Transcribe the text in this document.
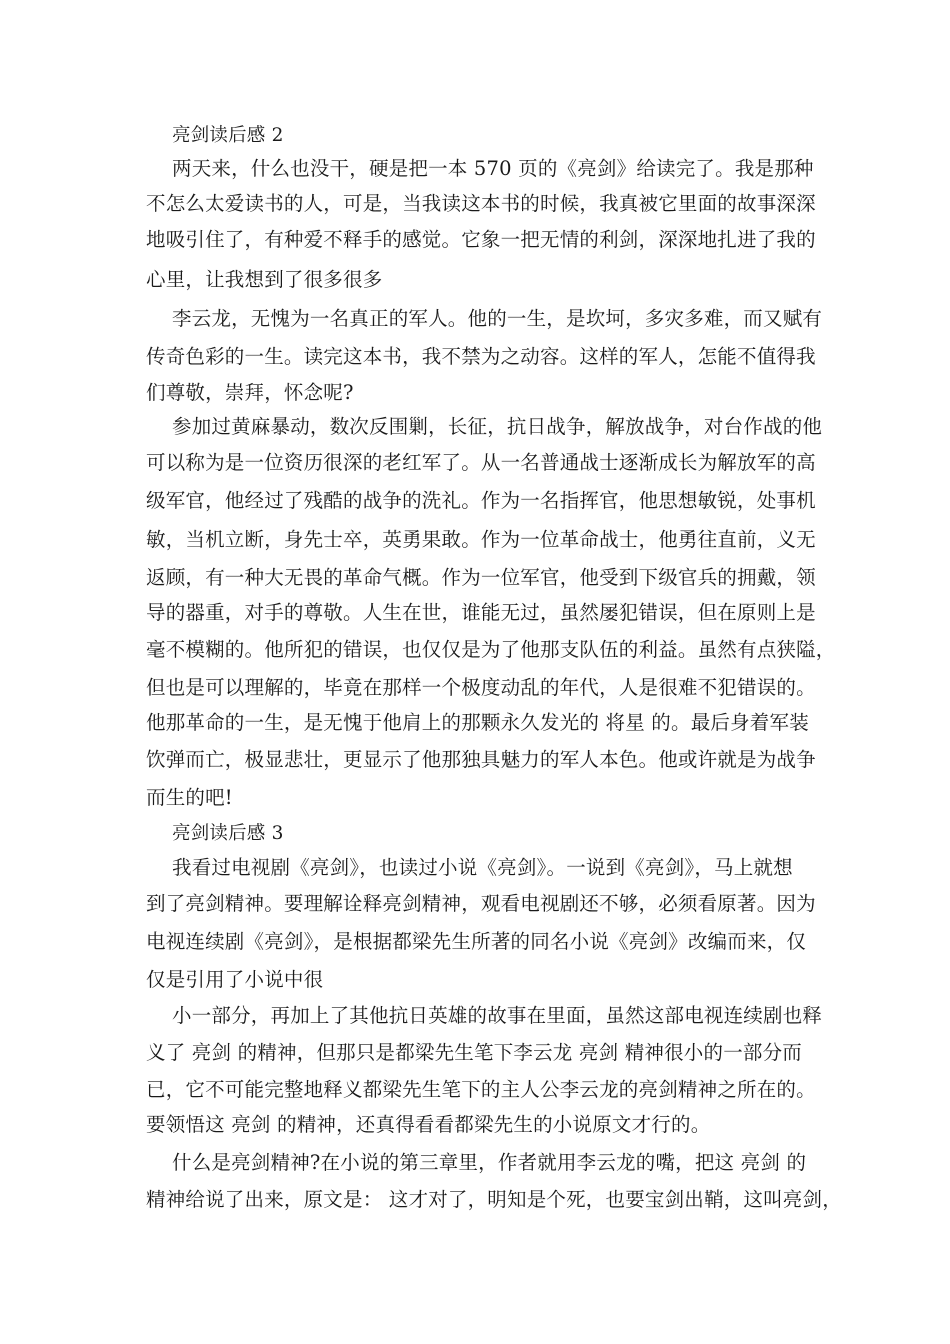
亮剑读后感 2
两天来，什么也没干，硬是把一本 570 页的《亮剑》给读完了。我是那种
不怎么太爱读书的人，可是，当我读这本书的时候，我真被它里面的故事深深
地吸引住了，有种爱不释手的感觉。它象一把无情的利剑，深深地扎进了我的
心里，让我想到了很多很多
李云龙，无愧为一名真正的军人。他的一生，是坎坷，多灾多难，而又赋有
传奇色彩的一生。读完这本书，我不禁为之动容。这样的军人，怎能不值得我
们尊敬，崇拜，怀念呢?
参加过黄麻暴动，数次反围剿，长征，抗日战争，解放战争，对台作战的他
可以称为是一位资历很深的老红军了。从一名普通战士逐渐成长为解放军的高
级军官，他经过了残酷的战争的洗礼。作为一名指挥官，他思想敏锐，处事机
敏，当机立断，身先士卒，英勇果敢。作为一位革命战士，他勇往直前，义无
返顾，有一种大无畏的革命气概。作为一位军官，他受到下级官兵的拥戴，领
导的器重，对手的尊敬。人生在世，谁能无过，虽然屡犯错误，但在原则上是
毫不模糊的。他所犯的错误，也仅仅是为了他那支队伍的利益。虽然有点狭隘，
但也是可以理解的，毕竟在那样一个极度动乱的年代，人是很难不犯错误的。
他那革命的一生，是无愧于他肩上的那颗永久发光的 将星 的。最后身着军装
饮弹而亡，极显悲壮，更显示了他那独具魅力的军人本色。他或许就是为战争
而生的吧!
亮剑读后感 3
我看过电视剧《亮剑》，也读过小说《亮剑》。一说到《亮剑》，马上就想
到了亮剑精神。要理解诠释亮剑精神，观看电视剧还不够，必须看原著。因为
电视连续剧《亮剑》，是根据都梁先生所著的同名小说《亮剑》改编而来，仅
仅是引用了小说中很
小一部分，再加上了其他抗日英雄的故事在里面，虽然这部电视连续剧也释
义了 亮剑 的精神，但那只是都梁先生笔下李云龙 亮剑 精神很小的一部分而
已，它不可能完整地释义都梁先生笔下的主人公李云龙的亮剑精神之所在的。
要领悟这 亮剑 的精神，还真得看看都梁先生的小说原文才行的。
什么是亮剑精神?在小说的第三章里，作者就用李云龙的嘴，把这 亮剑 的
精神给说了出来，原文是： 这才对了，明知是个死，也要宝剑出鞘，这叫亮剑，
